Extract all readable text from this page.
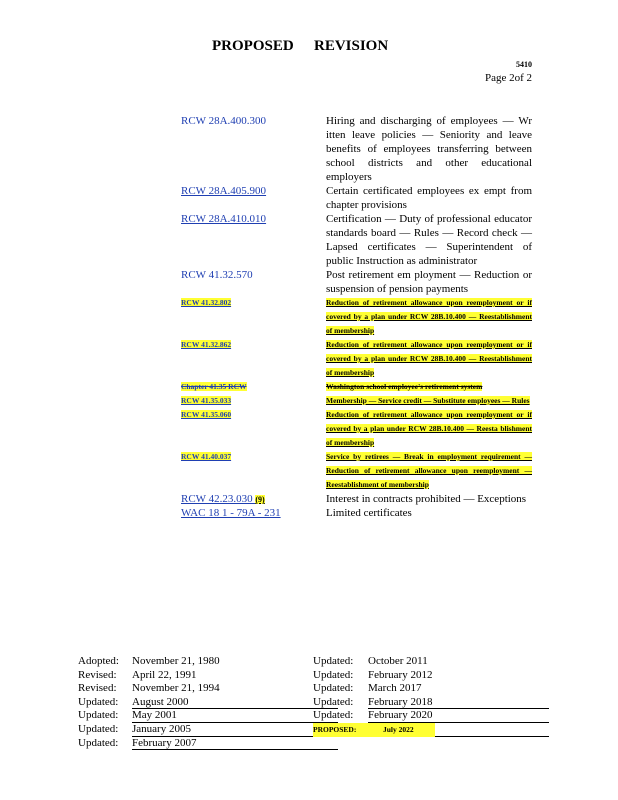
PROPOSED REVISION
5410
Page 2of 2
RCW 28A.400.300	Hiring and discharging of employees — Wr itten leave policies — Seniority and leave benefits of employees transferring between school districts and other educational employers
RCW 28A.405.900	Certain certificated employees ex empt from chapter provisions
RCW 28A.410.010	Certification — Duty of professional educator standards board — Rules — Record check — Lapsed certificates — Superintendent of public Instruction as administrator
RCW 41.32.570	Post retirement em ployment — Reduction or suspension of pension payments
RCW 41.32.802	Reduction of retirement allowance upon reemployment or if covered by a plan under RCW 28B.10.400 — Reestablishment of membership
RCW 41.32.862	Reduction of retirement allowance upon reemployment or if covered by a plan under RCW 28B.10.400 — Reestablishment of membership
Chapter 41.35 RCW	Washington school employee's retirement system
RCW 41.35.033	Membership — Service credit — Substitute employees — Rules
RCW 41.35.060	Reduction of retirement allowance upon reemployment or if covered by a plan under RCW 28B.10.400 — Reesta blishment of membership
RCW 41.40.037	Service by retirees — Break in employment requirement — Reduction of retirement allowance upon reemployment — Reestablishment of membership
RCW 42.23.030 (9)	Interest in contracts prohibited — Exceptions
WAC 18 1 - 79A - 231	Limited certificates
Adopted: November 21, 1980
Revised: April 22, 1991
Revised: November 21, 1994
Updated: August 2000
Updated: May 2001
Updated: January 2005
Updated: February 2007
Updated: October 2011
Updated: February 2012
Updated: March 2017
Updated: February 2018
Updated: February 2020
PROPOSED:	July 2022
